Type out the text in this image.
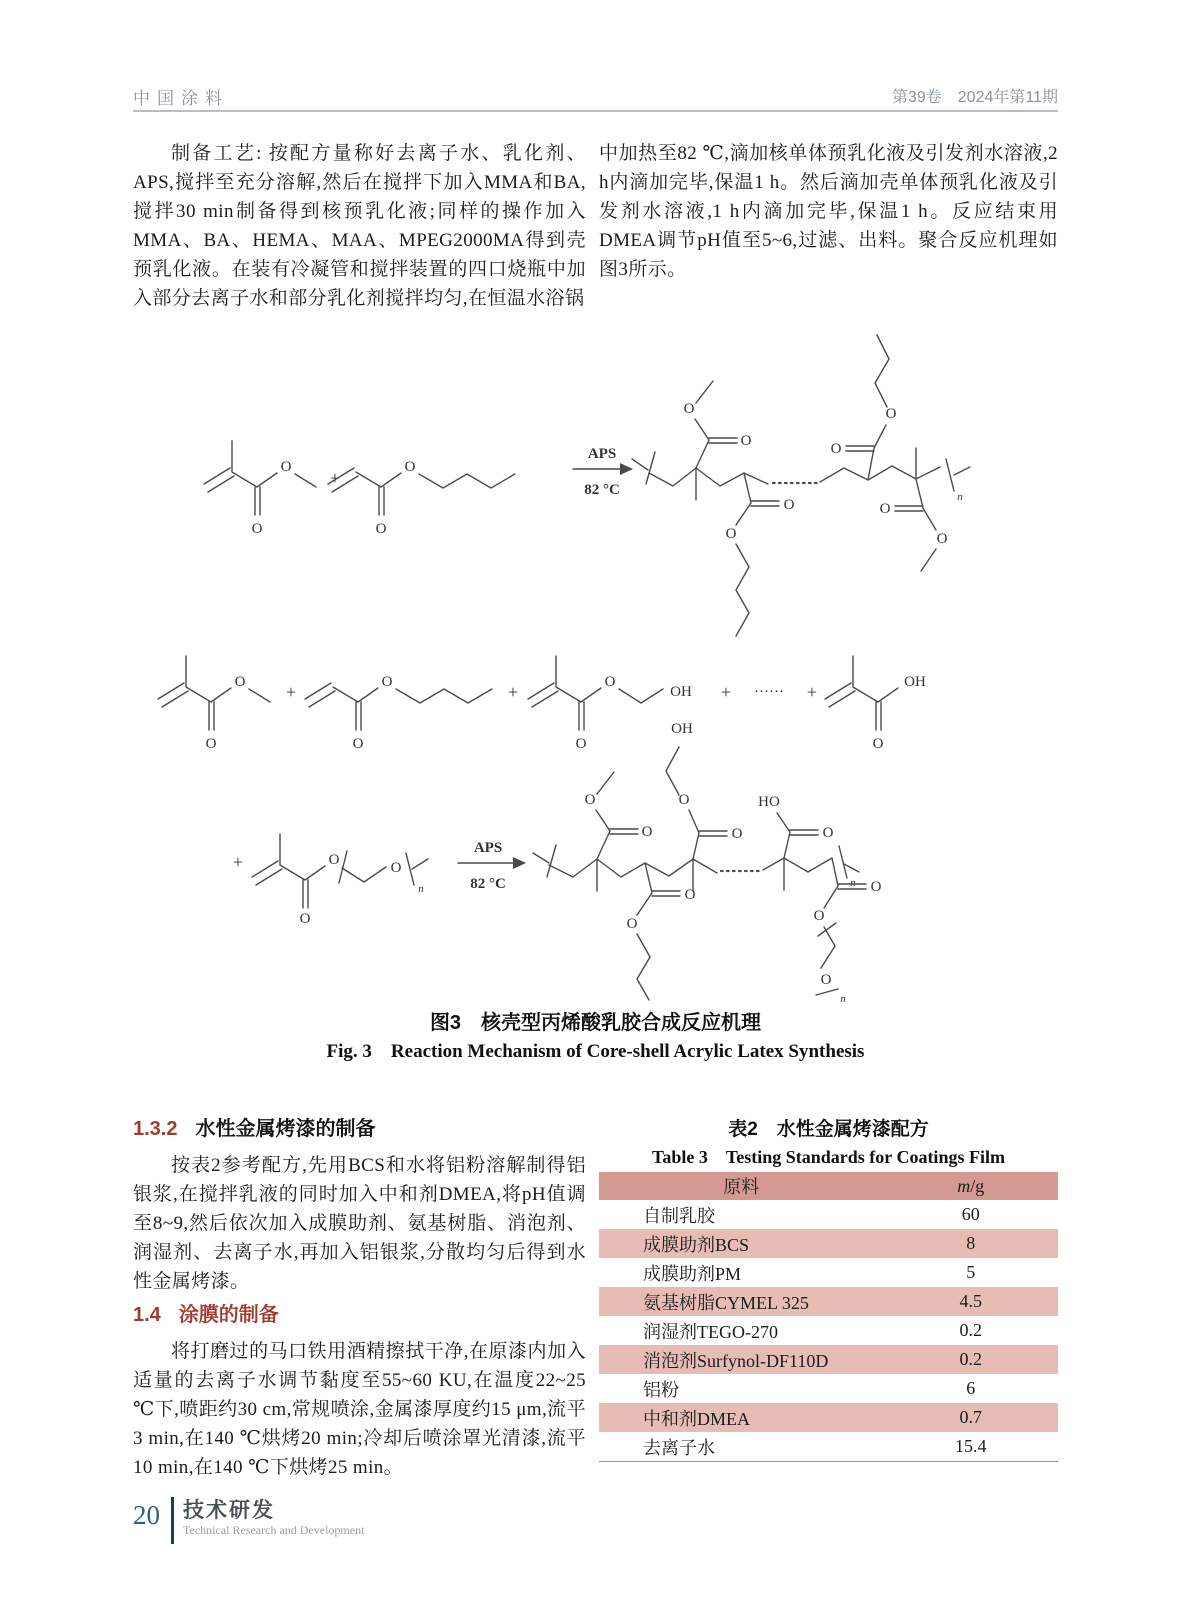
中国涂料	第39卷　2024年第11期

制备工艺: 按配方量称好去离子水、乳化剂、APS,搅拌至充分溶解,然后在搅拌下加入MMA和BA,搅拌30 min制备得到核预乳化液;同样的操作加入MMA、BA、HEMA、MAA、MPEG2000MA得到壳预乳化液。在装有冷凝管和搅拌装置的四口烧瓶中加入部分去离子水和部分乳化剂搅拌均匀,在恒温水浴锅

中加热至82 ℃,滴加核单体预乳化液及引发剂水溶液,2 h内滴加完毕,保温1 h。然后滴加壳单体预乳化液及引发剂水溶液,1 h内滴加完毕,保温1 h。反应结束用DMEA调节pH值至5~6,过滤、出料。聚合反应机理如图3所示。

O
O
+
O
O
APS
82 °C	n
O
O
O
O
O
O
O
O
O
O +
O
O	+
O
O
OH + ······ +
O
OH
+
O
O	O
n
APS
82 °C	n
O
O
O
O
O
O
OH
O
HO
O
O
O
n
图3　核壳型丙烯酸乳胶合成反应机理
Fig. 3　Reaction Mechanism of Core-shell Acrylic Latex Synthesis
1.3.2 水性金属烤漆的制备

按表2参考配方,先用BCS和水将铝粉溶解制得铝银浆,在搅拌乳液的同时加入中和剂DMEA,将pH值调至8~9,然后依次加入成膜助剂、氨基树脂、消泡剂、润湿剂、去离子水,再加入铝银浆,分散均匀后得到水性金属烤漆。

1.4 涂膜的制备

将打磨过的马口铁用酒精擦拭干净,在原漆内加入适量的去离子水调节黏度至55~60 KU,在温度22~25 ℃下,喷距约30 cm,常规喷涂,金属漆厚度约15 μm,流平3 min,在140 ℃烘烤20 min;冷却后喷涂罩光清漆,流平10 min,在140 ℃下烘烤25 min。

表2　水性金属烤漆配方
Table 3　Testing Standards for Coatings Film
原料	m/g
自制乳胶	60
成膜助剂BCS	8
成膜助剂PM	5
氨基树脂CYMEL 325	4.5
润湿剂TEGO-270	0.2
消泡剂Surfynol-DF110D	0.2
铝粉	6
中和剂DMEA	0.7
去离子水	15.4
20 技术研发
Technical Research and Development
